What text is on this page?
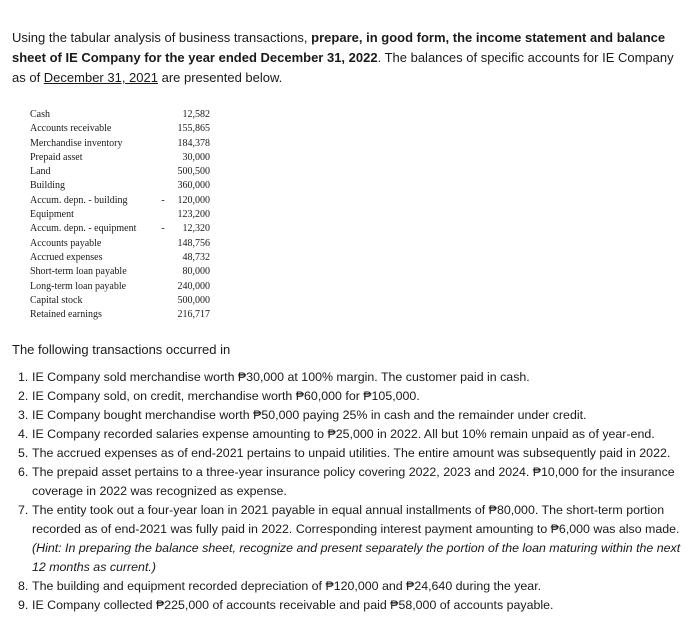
Using the tabular analysis of business transactions, prepare, in good form, the income statement and balance sheet of IE Company for the year ended December 31, 2022. The balances of specific accounts for IE Company as of December 31, 2021 are presented below.
Cash	12,582
Accounts receivable	155,865
Merchandise inventory	184,378
Prepaid asset	30,000
Land	500,500
Building	360,000
Accum. depn. - building	-	120,000
Equipment	123,200
Accum. depn. - equipment	-	12,320
Accounts payable	148,756
Accrued expenses	48,732
Short-term loan payable	80,000
Long-term loan payable	240,000
Capital stock	500,000
Retained earnings	216,717
The following transactions occurred in
1. IE Company sold merchandise worth ₱30,000 at 100% margin. The customer paid in cash.
2. IE Company sold, on credit, merchandise worth ₱60,000 for ₱105,000.
3. IE Company bought merchandise worth ₱50,000 paying 25% in cash and the remainder under credit.
4. IE Company recorded salaries expense amounting to ₱25,000 in 2022. All but 10% remain unpaid as of year-end.
5. The accrued expenses as of end-2021 pertains to unpaid utilities. The entire amount was subsequently paid in 2022.
6. The prepaid asset pertains to a three-year insurance policy covering 2022, 2023 and 2024. ₱10,000 for the insurance coverage in 2022 was recognized as expense.
7. The entity took out a four-year loan in 2021 payable in equal annual installments of ₱80,000. The short-term portion recorded as of end-2021 was fully paid in 2022. Corresponding interest payment amounting to ₱6,000 was also made.
(Hint: In preparing the balance sheet, recognize and present separately the portion of the loan maturing within the next 12 months as current.)
8. The building and equipment recorded depreciation of ₱120,000 and ₱24,640 during the year.
9. IE Company collected ₱225,000 of accounts receivable and paid ₱58,000 of accounts payable.
